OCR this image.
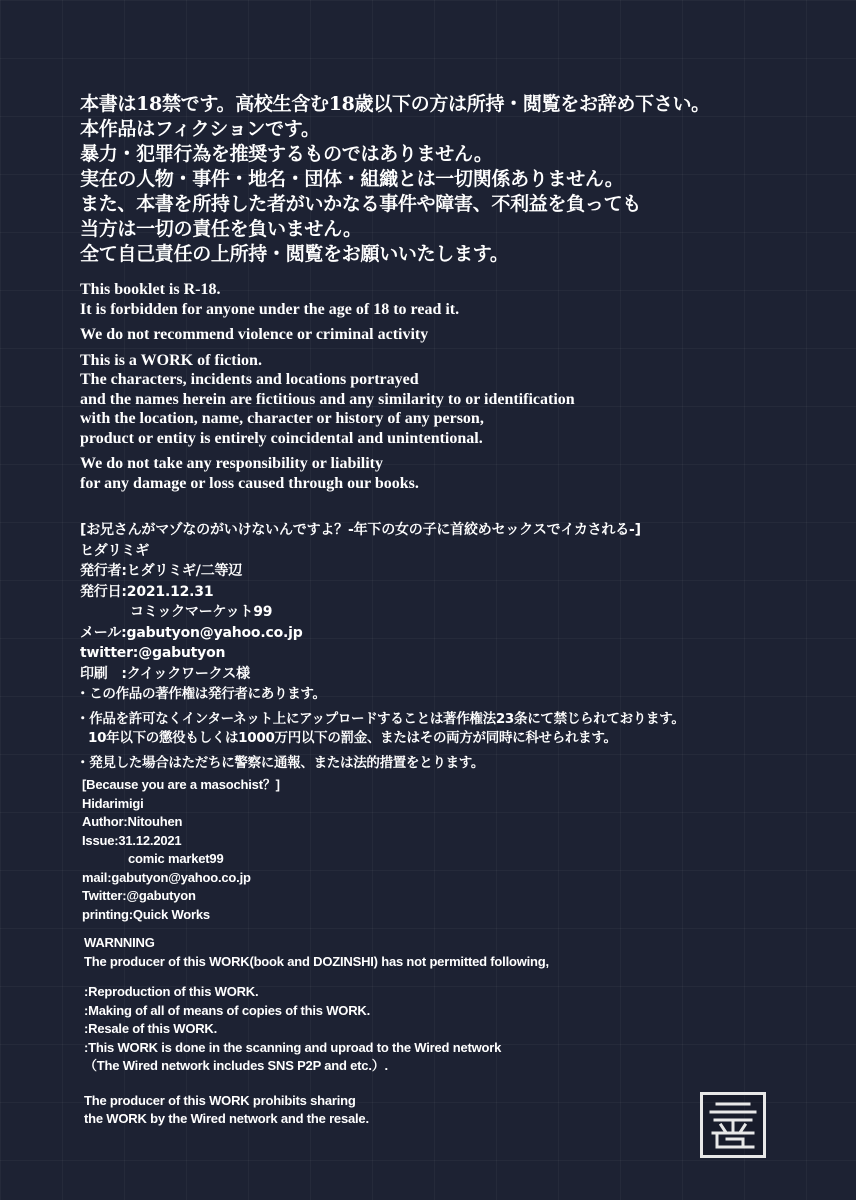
本書は18禁です。高校生含む18歳以下の方は所持・閲覧をお辞め下さい。
本作品はフィクションです。
暴力・犯罪行為を推奨するものではありません。
実在の人物・事件・地名・団体・組織とは一切関係ありません。
また、本書を所持した者がいかなる事件や障害、不利益を負っても
当方は一切の責任を負いません。
全て自己責任の上所持・閲覧をお願いいたします。
This booklet is R-18.
It is forbidden for anyone under the age of 18 to read it.
We do not recommend violence or criminal activity
This is a WORK of fiction.
The characters, incidents and locations portrayed
and the names herein are fictitious and any similarity to or identification
with the location, name, character or history of any person,
product or entity is entirely coincidental and unintentional.
We do not take any responsibility or liability
for any damage or loss caused through our books.
[お兄さんがマゾなのがいけないんですよ？-年下の女の子に首絞めセックスでイカされる-]
ヒダリミギ
発行者:ヒダリミギ/二等辺
発行日:2021.12.31
コミックマーケット99
メール:gabutyon@yahoo.co.jp
twitter:@gabutyon
印刷　:クイックワークス様
・この作品の著作権は発行者にあります。
・作品を許可なくインターネット上にアップロードすることは著作権法23条にて禁じられております。
10年以下の懲役もしくは1000万円以下の罰金、またはその両方が同時に科せられます。
・発見した場合はただちに警察に通報、または法的措置をとります。
[Because you are a masochist？]
Hidarimigi
Author:Nitouhen
Issue:31.12.2021
comic market99
mail:gabutyon@yahoo.co.jp
Twitter:@gabutyon
printing:Quick Works
WARNNING
The producer of this WORK(book and DOZINSHI) has not permitted following,
:Reproduction of this WORK.
:Making of all of means of copies of this WORK.
:Resale of this WORK.
:This WORK is done in the scanning and uproad to the Wired network
（The Wired network includes SNS P2P and etc.）.
The producer of this WORK prohibits sharing
the WORK by the Wired network and the resale.
